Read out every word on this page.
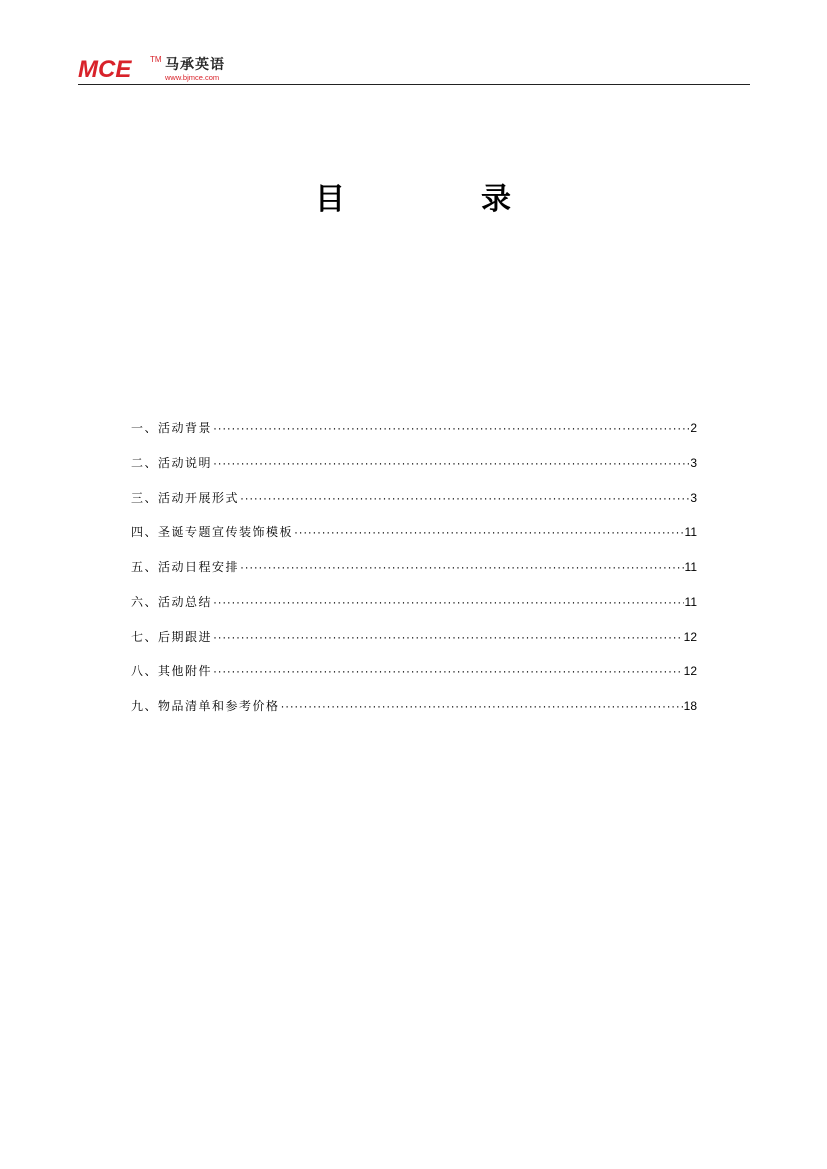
MCE TM 马承英语
www.bjmce.com
目	录
一、活动背景 ·····	2
二、活动说明 ·····	3
三、活动开展形式 ·····	3
四、圣诞专题宣传装饰模板 ·····	11
五、活动日程安排 ·····	11
六、活动总结 ·····	11
七、后期跟进 ·····	12
八、其他附件 ·····	12
九、物品清单和参考价格 ·····	18
